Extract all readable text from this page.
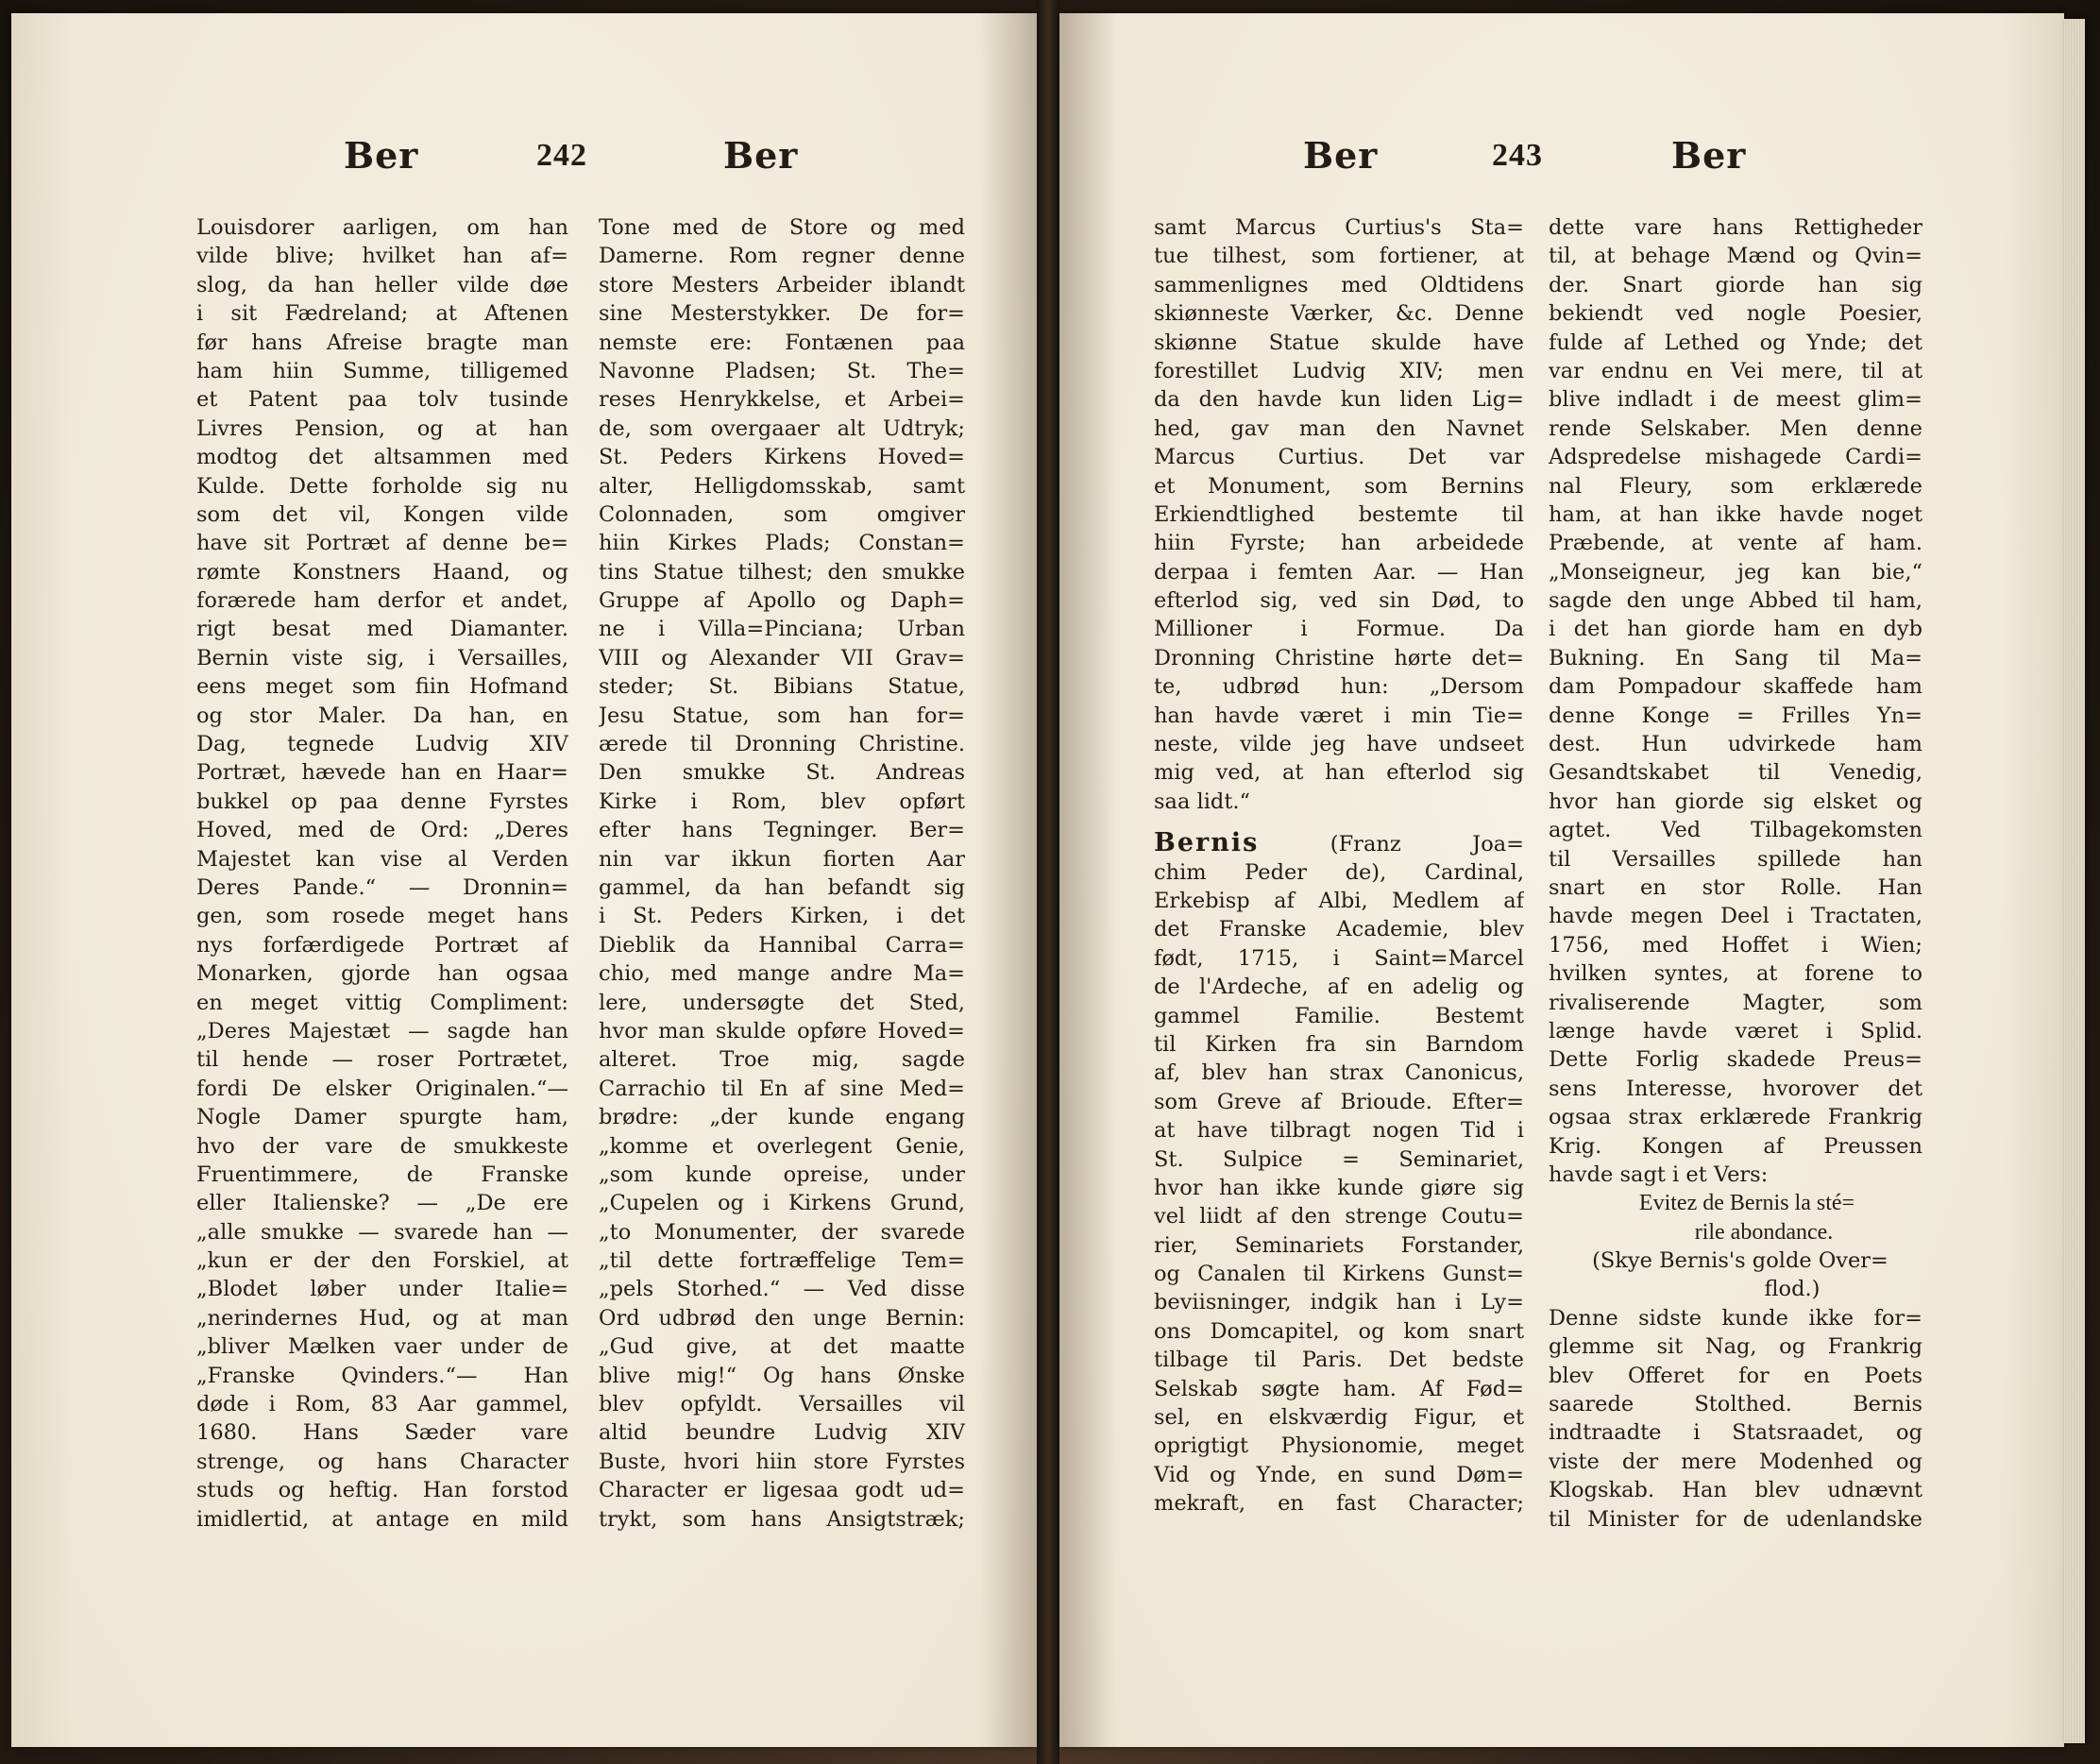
Ber	242	Ber
Louisdorer aarligen, om han
vilde blive; hvilket han af=
slog, da han heller vilde døe
i sit Fædreland; at Aftenen
før hans Afreise bragte man
ham hiin Summe, tilligemed
et Patent paa tolv tusinde
Livres Pension, og at han
modtog det altsammen med
Kulde. Dette forholde sig nu
som det vil, Kongen vilde
have sit Portræt af denne be=
rømte Konstners Haand, og
forærede ham derfor et andet,
rigt besat med Diamanter.
Bernin viste sig, i Versailles,
eens meget som fiin Hofmand
og stor Maler. Da han, en
Dag, tegnede Ludvig XIV
Portræt, hævede han en Haar=
bukkel op paa denne Fyrstes
Hoved, med de Ord: „Deres
Majestet kan vise al Verden
Deres Pande.“ — Dronnin=
gen, som rosede meget hans
nys forfærdigede Portræt af
Monarken, gjorde han ogsaa
en meget vittig Compliment:
„Deres Majestæt — sagde han
til hende — roser Portrætet,
fordi De elsker Originalen.“—
Nogle Damer spurgte ham,
hvo der vare de smukkeste
Fruentimmere, de Franske
eller Italienske? — „De ere
„alle smukke — svarede han —
„kun er der den Forskiel, at
„Blodet løber under Italie=
„nerindernes Hud, og at man
„bliver Mælken vaer under de
„Franske Qvinders.“— Han
døde i Rom, 83 Aar gammel,
1680. Hans Sæder vare
strenge, og hans Character
studs og heftig. Han forstod
imidlertid, at antage en mild
Tone med de Store og med
Damerne. Rom regner denne
store Mesters Arbeider iblandt
sine Mesterstykker. De for=
nemste ere: Fontænen paa
Navonne Pladsen; St. The=
reses Henrykkelse, et Arbei=
de, som overgaaer alt Udtryk;
St. Peders Kirkens Hoved=
alter, Helligdomsskab, samt
Colonnaden, som omgiver
hiin Kirkes Plads; Constan=
tins Statue tilhest; den smukke
Gruppe af Apollo og Daph=
ne i Villa=Pinciana; Urban
VIII og Alexander VII Grav=
steder; St. Bibians Statue,
Jesu Statue, som han for=
ærede til Dronning Christine.
Den smukke St. Andreas
Kirke i Rom, blev opført
efter hans Tegninger. Ber=
nin var ikkun fiorten Aar
gammel, da han befandt sig
i St. Peders Kirken, i det
Dieblik da Hannibal Carra=
chio, med mange andre Ma=
lere, undersøgte det Sted,
hvor man skulde opføre Hoved=
alteret. Troe mig, sagde
Carrachio til En af sine Med=
brødre: „der kunde engang
„komme et overlegent Genie,
„som kunde opreise, under
„Cupelen og i Kirkens Grund,
„to Monumenter, der svarede
„til dette fortræffelige Tem=
„pels Storhed.“ — Ved disse
Ord udbrød den unge Bernin:
„Gud give, at det maatte
blive mig!“ Og hans Ønske
blev opfyldt. Versailles vil
altid beundre Ludvig XIV
Buste, hvori hiin store Fyrstes
Character er ligesaa godt ud=
trykt, som hans Ansigtstræk;
Ber	243	Ber
samt Marcus Curtius's Sta=
tue tilhest, som fortiener, at
sammenlignes med Oldtidens
skiønneste Værker, &c. Denne
skiønne Statue skulde have
forestillet Ludvig XIV; men
da den havde kun liden Lig=
hed, gav man den Navnet
Marcus Curtius. Det var
et Monument, som Bernins
Erkiendtlighed bestemte til
hiin Fyrste; han arbeidede
derpaa i femten Aar. — Han
efterlod sig, ved sin Død, to
Millioner i Formue. Da
Dronning Christine hørte det=
te, udbrød hun: „Dersom
han havde været i min Tie=
neste, vilde jeg have undseet
mig ved, at han efterlod sig
saa lidt.“
Bernis	(Franz Joa=
chim Peder de), Cardinal,
Erkebisp af Albi, Medlem af
det Franske Academie, blev
født, 1715, i Saint=Marcel
de l'Ardeche, af en adelig og
gammel Familie. Bestemt
til Kirken fra sin Barndom
af, blev han strax Canonicus,
som Greve af Brioude. Efter=
at have tilbragt nogen Tid i
St. Sulpice = Seminariet,
hvor han ikke kunde giøre sig
vel liidt af den strenge Coutu=
rier, Seminariets Forstander,
og Canalen til Kirkens Gunst=
beviisninger, indgik han i Ly=
ons Domcapitel, og kom snart
tilbage til Paris. Det bedste
Selskab søgte ham. Af Fød=
sel, en elskværdig Figur, et
oprigtigt Physionomie, meget
Vid og Ynde, en sund Døm=
mekraft, en fast Character;
dette vare hans Rettigheder
til, at behage Mænd og Qvin=
der. Snart giorde han sig
bekiendt ved nogle Poesier,
fulde af Lethed og Ynde; det
var endnu en Vei mere, til at
blive indladt i de meest glim=
rende Selskaber. Men denne
Adspredelse mishagede Cardi=
nal Fleury, som erklærede
ham, at han ikke havde noget
Præbende, at vente af ham.
„Monseigneur, jeg kan bie,“
sagde den unge Abbed til ham,
i det han giorde ham en dyb
Bukning. En Sang til Ma=
dam Pompadour skaffede ham
denne Konge = Frilles Yn=
dest. Hun udvirkede ham
Gesandtskabet til Venedig,
hvor han giorde sig elsket og
agtet. Ved Tilbagekomsten
til Versailles spillede han
snart en stor Rolle. Han
havde megen Deel i Tractaten,
1756, med Hoffet i Wien;
hvilken syntes, at forene to
rivaliserende Magter, som
længe havde været i Splid.
Dette Forlig skadede Preus=
sens Interesse, hvorover det
ogsaa strax erklærede Frankrig
Krig. Kongen af Preussen
havde sagt i et Vers:
Evitez de Bernis la sté=
rile abondance.
(Skye Bernis's golde Over=
flod.)
Denne sidste kunde ikke for=
glemme sit Nag, og Frankrig
blev Offeret for en Poets
saarede Stolthed. Bernis
indtraadte i Statsraadet, og
viste der mere Modenhed og
Klogskab. Han blev udnævnt
til Minister for de udenlandske
